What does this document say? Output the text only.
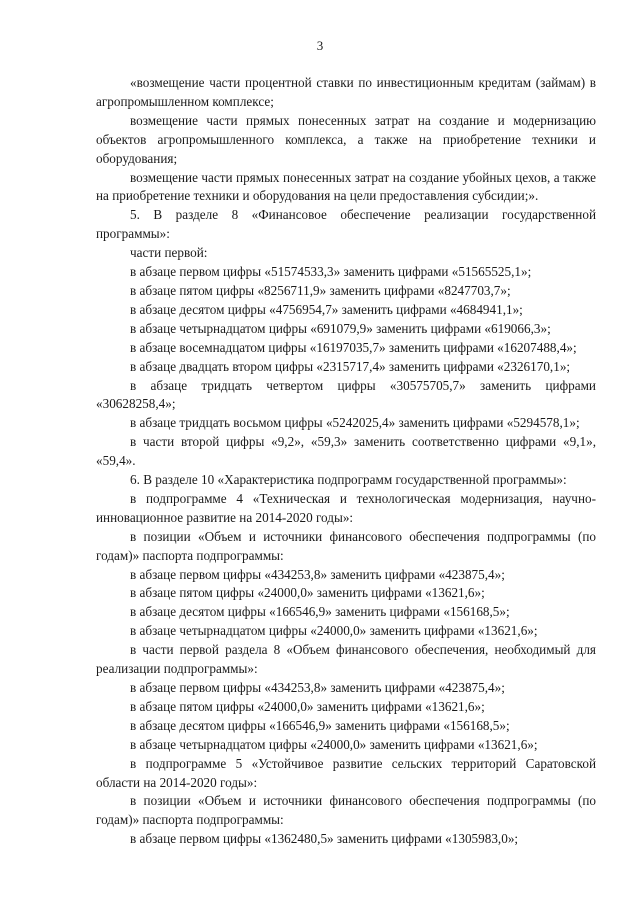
3

«возмещение части процентной ставки по инвестиционным кредитам (займам) в агропромышленном комплексе;

возмещение части прямых понесенных затрат на создание и модернизацию объектов агропромышленного комплекса, а также на приобретение техники и оборудования;

возмещение части прямых понесенных затрат на создание убойных цехов, а также на приобретение техники и оборудования на цели предоставления субсидии;».

5. В разделе 8 «Финансовое обеспечение реализации государственной программы»:

части первой:

в абзаце первом цифры «51574533,3» заменить цифрами «51565525,1»;

в абзаце пятом цифры «8256711,9» заменить цифрами «8247703,7»;

в абзаце десятом цифры «4756954,7» заменить цифрами «4684941,1»;

в абзаце четырнадцатом цифры «691079,9» заменить цифрами «619066,3»;

в абзаце восемнадцатом цифры «16197035,7» заменить цифрами «16207488,4»;

в абзаце двадцать втором цифры «2315717,4» заменить цифрами «2326170,1»;

в абзаце тридцать четвертом цифры «30575705,7» заменить цифрами «30628258,4»;

в абзаце тридцать восьмом цифры «5242025,4» заменить цифрами «5294578,1»;

в части второй цифры «9,2», «59,3» заменить соответственно цифрами «9,1», «59,4».

6. В разделе 10 «Характеристика подпрограмм государственной программы»:

в подпрограмме 4 «Техническая и технологическая модернизация, научно-инновационное развитие на 2014-2020 годы»:

в позиции «Объем и источники финансового обеспечения подпрограммы (по годам)» паспорта подпрограммы:

в абзаце первом цифры «434253,8» заменить цифрами «423875,4»;

в абзаце пятом цифры «24000,0» заменить цифрами «13621,6»;

в абзаце десятом цифры «166546,9» заменить цифрами «156168,5»;

в абзаце четырнадцатом цифры «24000,0» заменить цифрами «13621,6»;

в части первой раздела 8 «Объем финансового обеспечения, необходимый для реализации подпрограммы»:

в абзаце первом цифры «434253,8» заменить цифрами «423875,4»;

в абзаце пятом цифры «24000,0» заменить цифрами «13621,6»;

в абзаце десятом цифры «166546,9» заменить цифрами «156168,5»;

в абзаце четырнадцатом цифры «24000,0» заменить цифрами «13621,6»;

в подпрограмме 5 «Устойчивое развитие сельских территорий Саратовской области на 2014-2020 годы»:

в позиции «Объем и источники финансового обеспечения подпрограммы (по годам)» паспорта подпрограммы:

в абзаце первом цифры «1362480,5» заменить цифрами «1305983,0»;
